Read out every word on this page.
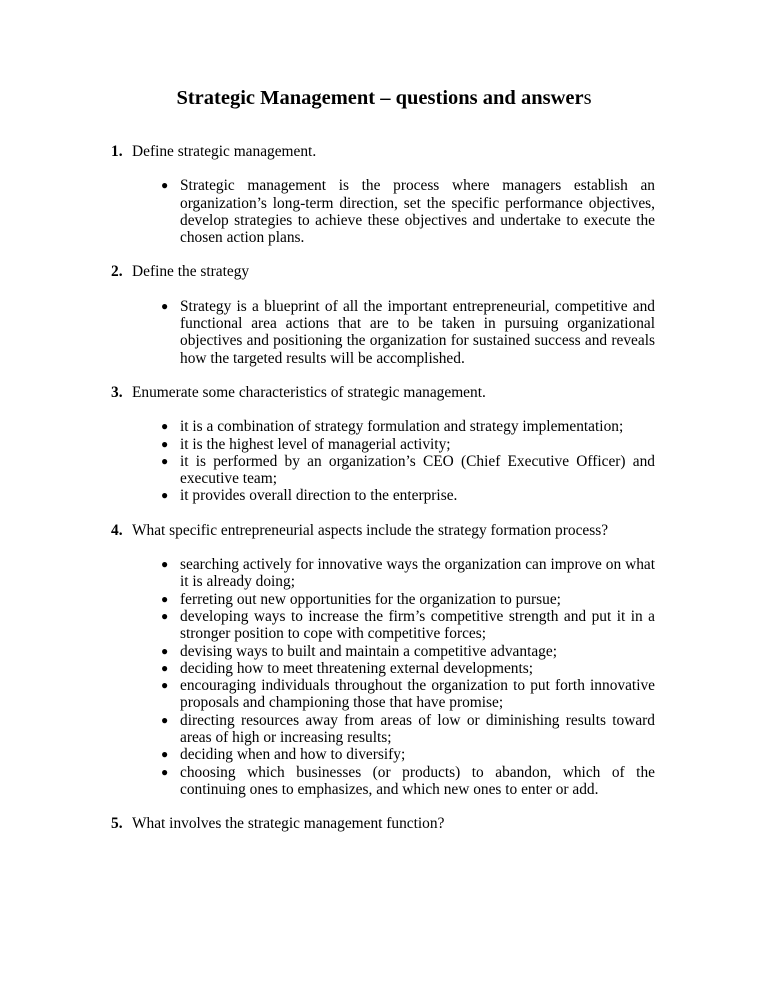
Strategic Management – questions and answers

1. Define strategic management.

● Strategic management is the process where managers establish an organization’s long-term direction, set the specific performance objectives, develop strategies to achieve these objectives and undertake to execute the chosen action plans.

2. Define the strategy

● Strategy is a blueprint of all the important entrepreneurial, competitive and functional area actions that are to be taken in pursuing organizational objectives and positioning the organization for sustained success and reveals how the targeted results will be accomplished.

3. Enumerate some characteristics of strategic management.

● it is a combination of strategy formulation and strategy implementation;
● it is the highest level of managerial activity;
● it is performed by an organization’s CEO (Chief Executive Officer) and executive team;
● it provides overall direction to the enterprise.

4. What specific entrepreneurial aspects include the strategy formation process?

● searching actively for innovative ways the organization can improve on what it is already doing;
● ferreting out new opportunities for the organization to pursue;
● developing ways to increase the firm’s competitive strength and put it in a stronger position to cope with competitive forces;
● devising ways to built and maintain a competitive advantage;
● deciding how to meet threatening external developments;
● encouraging individuals throughout the organization to put forth innovative proposals and championing those that have promise;
● directing resources away from areas of low or diminishing results toward areas of high or increasing results;
● deciding when and how to diversify;
● choosing which businesses (or products) to abandon, which of the continuing ones to emphasizes, and which new ones to enter or add.

5. What involves the strategic management function?
